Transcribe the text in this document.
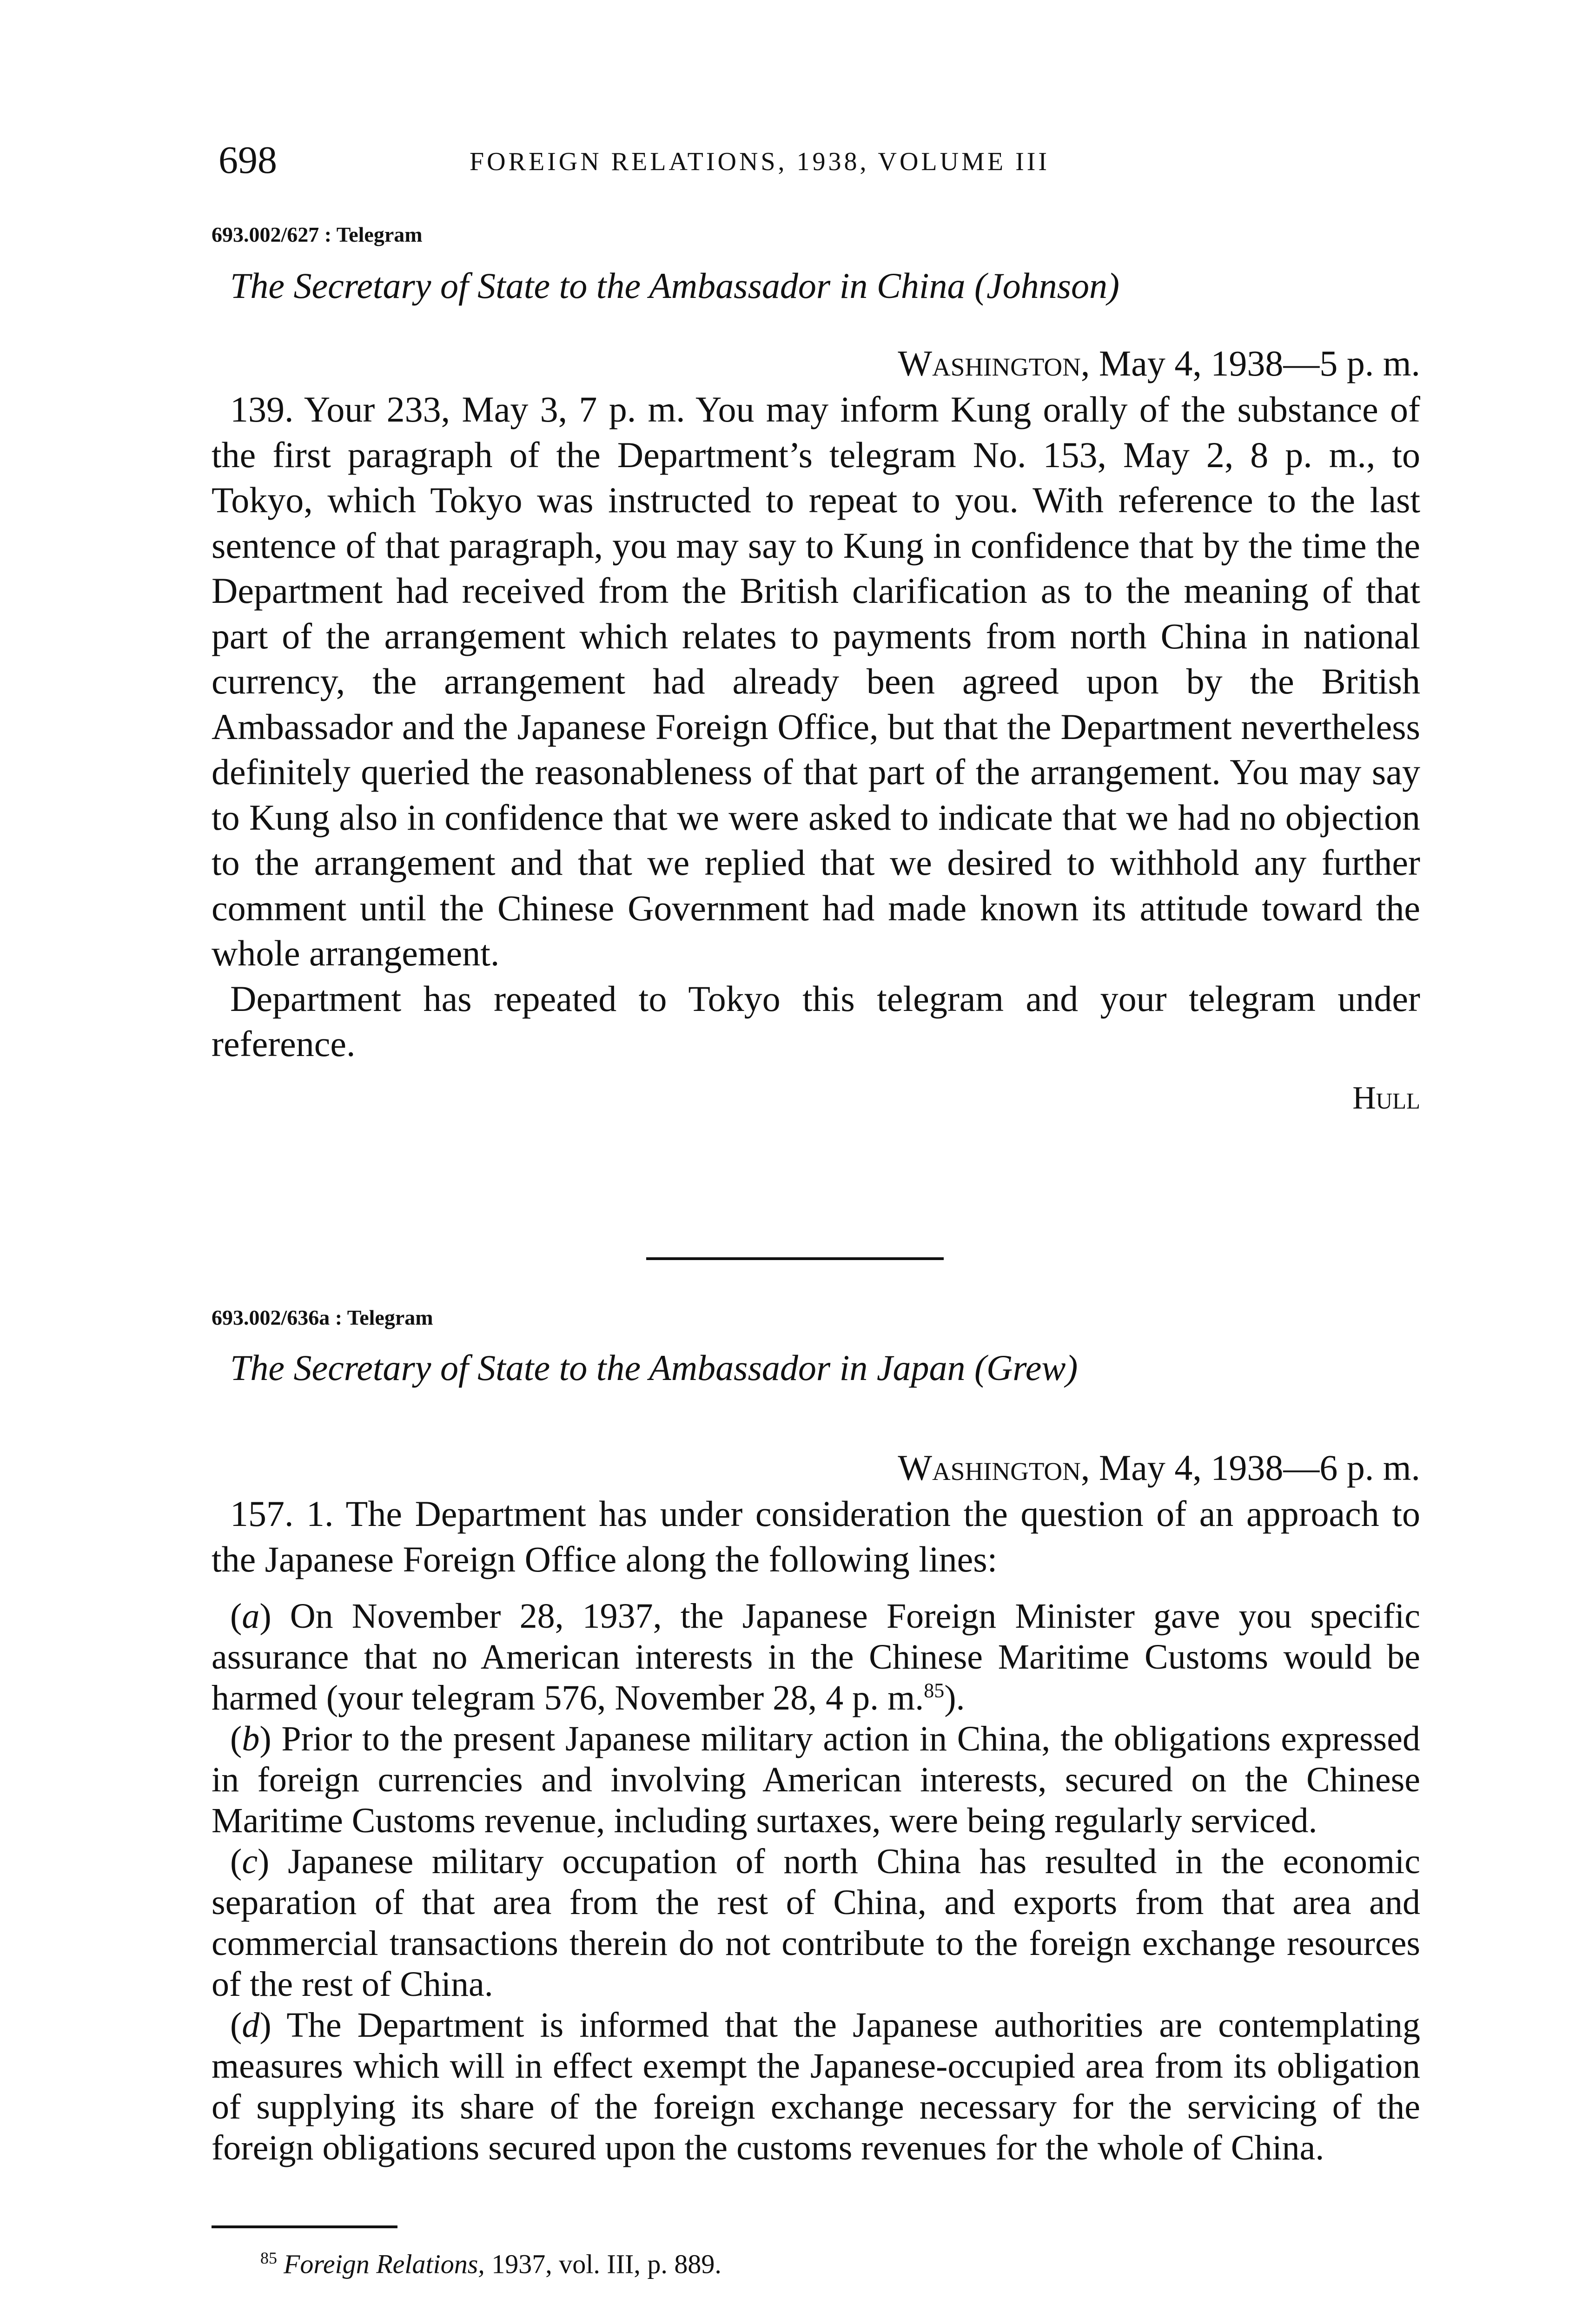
698	FOREIGN RELATIONS, 1938, VOLUME III

693.002/627 : Telegram

The Secretary of State to the Ambassador in China (Johnson)

Washington, May 4, 1938—5 p. m.

139. Your 233, May 3, 7 p. m. You may inform Kung orally of the substance of the first paragraph of the Department’s telegram No. 153, May 2, 8 p. m., to Tokyo, which Tokyo was instructed to repeat to you. With reference to the last sentence of that paragraph, you may say to Kung in confidence that by the time the Department had received from the British clarification as to the meaning of that part of the arrangement which relates to payments from north China in national currency, the arrangement had already been agreed upon by the British Ambassador and the Japanese Foreign Office, but that the Department nevertheless definitely queried the reasonableness of that part of the arrangement. You may say to Kung also in confidence that we were asked to indicate that we had no objection to the arrangement and that we replied that we desired to withhold any further comment until the Chinese Government had made known its attitude toward the whole arrangement.

Department has repeated to Tokyo this telegram and your telegram under reference.

Hull

693.002/636a : Telegram

The Secretary of State to the Ambassador in Japan (Grew)

Washington, May 4, 1938—6 p. m.

157. 1. The Department has under consideration the question of an approach to the Japanese Foreign Office along the following lines:

(a) On November 28, 1937, the Japanese Foreign Minister gave you specific assurance that no American interests in the Chinese Maritime Customs would be harmed (your telegram 576, November 28, 4 p. m.$^{85}$).

(b) Prior to the present Japanese military action in China, the obligations expressed in foreign currencies and involving American interests, secured on the Chinese Maritime Customs revenue, including surtaxes, were being regularly serviced.

(c) Japanese military occupation of north China has resulted in the economic separation of that area from the rest of China, and exports from that area and commercial transactions therein do not contribute to the foreign exchange resources of the rest of China.

(d) The Department is informed that the Japanese authorities are contemplating measures which will in effect exempt the Japanese-occupied area from its obligation of supplying its share of the foreign exchange necessary for the servicing of the foreign obligations secured upon the customs revenues for the whole of China.

$^{85}$ Foreign Relations, 1937, vol. III, p. 889.
